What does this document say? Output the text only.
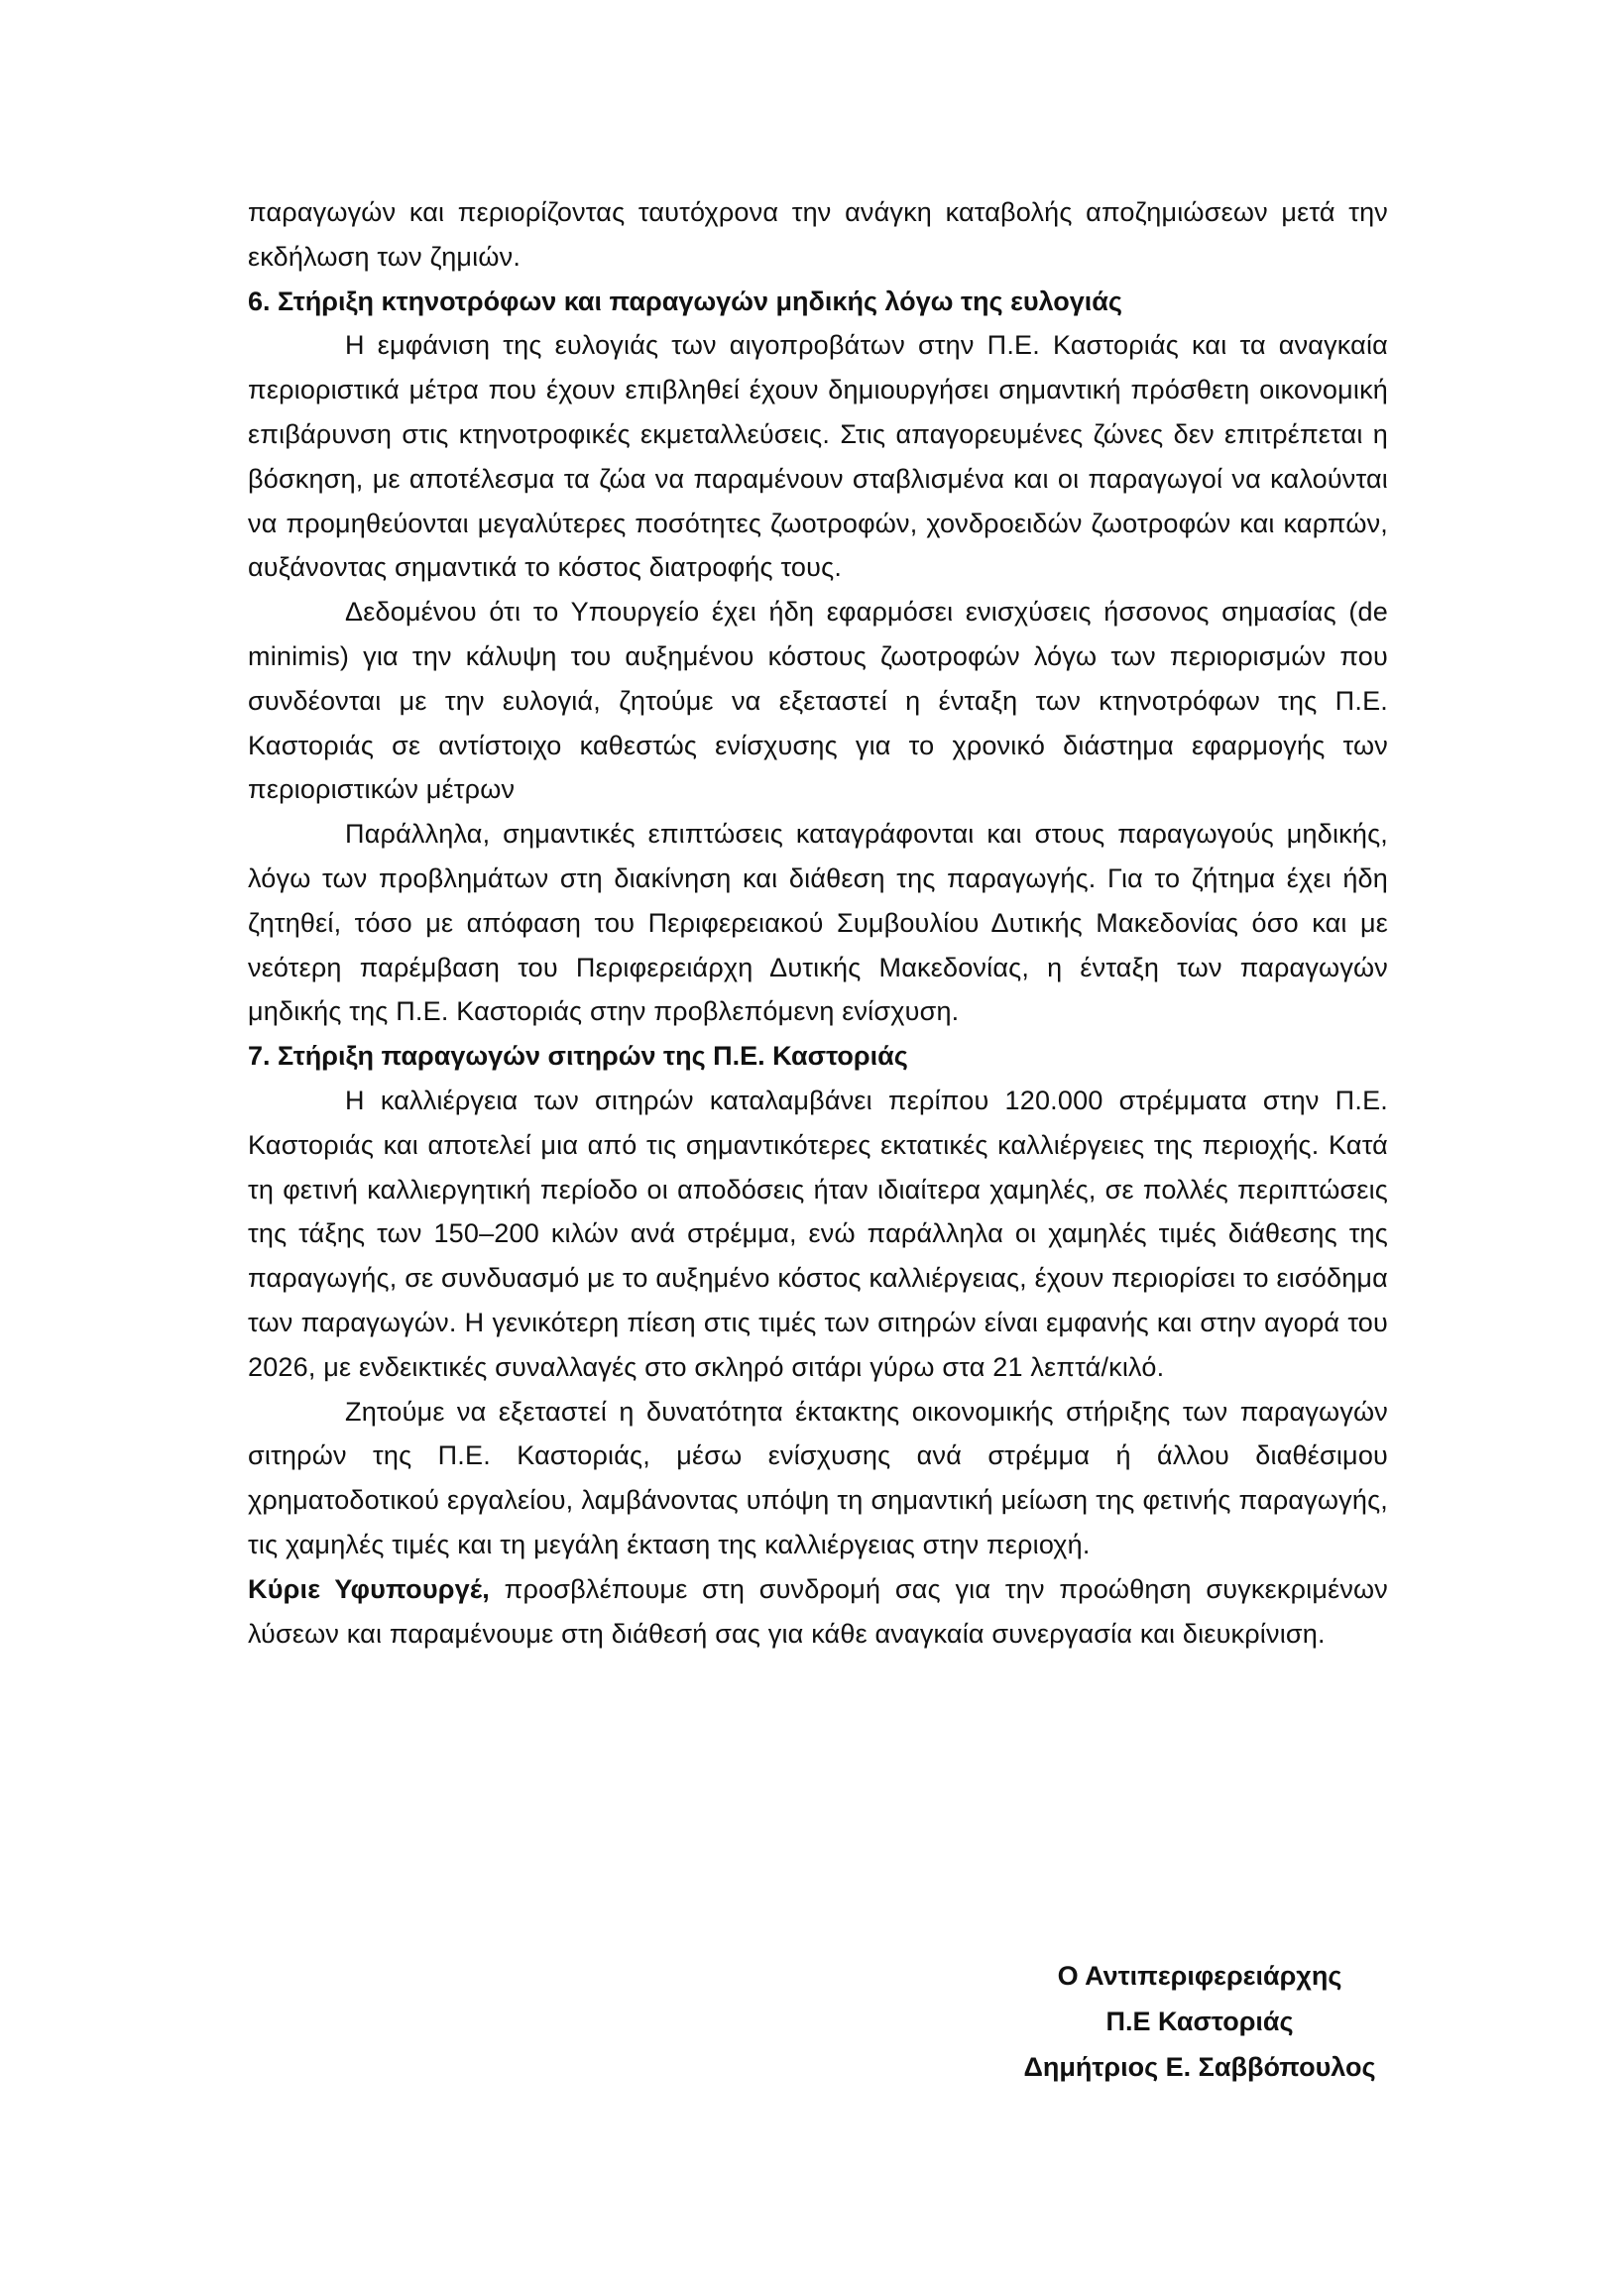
παραγωγών και περιορίζοντας ταυτόχρονα την ανάγκη καταβολής αποζημιώσεων μετά την εκδήλωση των ζημιών.

6. Στήριξη κτηνοτρόφων και παραγωγών μηδικής λόγω της ευλογιάς

Η εμφάνιση της ευλογιάς των αιγοπροβάτων στην Π.Ε. Καστοριάς και τα αναγκαία περιοριστικά μέτρα που έχουν επιβληθεί έχουν δημιουργήσει σημαντική πρόσθετη οικονομική επιβάρυνση στις κτηνοτροφικές εκμεταλλεύσεις. Στις απαγορευμένες ζώνες δεν επιτρέπεται η βόσκηση, με αποτέλεσμα τα ζώα να παραμένουν σταβλισμένα και οι παραγωγοί να καλούνται να προμηθεύονται μεγαλύτερες ποσότητες ζωοτροφών, χονδροειδών ζωοτροφών και καρπών, αυξάνοντας σημαντικά το κόστος διατροφής τους.

Δεδομένου ότι το Υπουργείο έχει ήδη εφαρμόσει ενισχύσεις ήσσονος σημασίας (de minimis) για την κάλυψη του αυξημένου κόστους ζωοτροφών λόγω των περιορισμών που συνδέονται με την ευλογιά, ζητούμε να εξεταστεί η ένταξη των κτηνοτρόφων της Π.Ε. Καστοριάς σε αντίστοιχο καθεστώς ενίσχυσης για το χρονικό διάστημα εφαρμογής των περιοριστικών μέτρων

Παράλληλα, σημαντικές επιπτώσεις καταγράφονται και στους παραγωγούς μηδικής, λόγω των προβλημάτων στη διακίνηση και διάθεση της παραγωγής. Για το ζήτημα έχει ήδη ζητηθεί, τόσο με απόφαση του Περιφερειακού Συμβουλίου Δυτικής Μακεδονίας όσο και με νεότερη παρέμβαση του Περιφερειάρχη Δυτικής Μακεδονίας, η ένταξη των παραγωγών μηδικής της Π.Ε. Καστοριάς στην προβλεπόμενη ενίσχυση.

7. Στήριξη παραγωγών σιτηρών της Π.Ε. Καστοριάς

Η καλλιέργεια των σιτηρών καταλαμβάνει περίπου 120.000 στρέμματα στην Π.Ε. Καστοριάς και αποτελεί μια από τις σημαντικότερες εκτατικές καλλιέργειες της περιοχής. Κατά τη φετινή καλλιεργητική περίοδο οι αποδόσεις ήταν ιδιαίτερα χαμηλές, σε πολλές περιπτώσεις της τάξης των 150–200 κιλών ανά στρέμμα, ενώ παράλληλα οι χαμηλές τιμές διάθεσης της παραγωγής, σε συνδυασμό με το αυξημένο κόστος καλλιέργειας, έχουν περιορίσει το εισόδημα των παραγωγών. Η γενικότερη πίεση στις τιμές των σιτηρών είναι εμφανής και στην αγορά του 2026, με ενδεικτικές συναλλαγές στο σκληρό σιτάρι γύρω στα 21 λεπτά/κιλό.

Ζητούμε να εξεταστεί η δυνατότητα έκτακτης οικονομικής στήριξης των παραγωγών σιτηρών της Π.Ε. Καστοριάς, μέσω ενίσχυσης ανά στρέμμα ή άλλου διαθέσιμου χρηματοδοτικού εργαλείου, λαμβάνοντας υπόψη τη σημαντική μείωση της φετινής παραγωγής, τις χαμηλές τιμές και τη μεγάλη έκταση της καλλιέργειας στην περιοχή.

Κύριε Υφυπουργέ, προσβλέπουμε στη συνδρομή σας για την προώθηση συγκεκριμένων λύσεων και παραμένουμε στη διάθεσή σας για κάθε αναγκαία συνεργασία και διευκρίνιση.

Ο Αντιπεριφερειάρχης
Π.Ε Καστοριάς
Δημήτριος Ε. Σαββόπουλος
